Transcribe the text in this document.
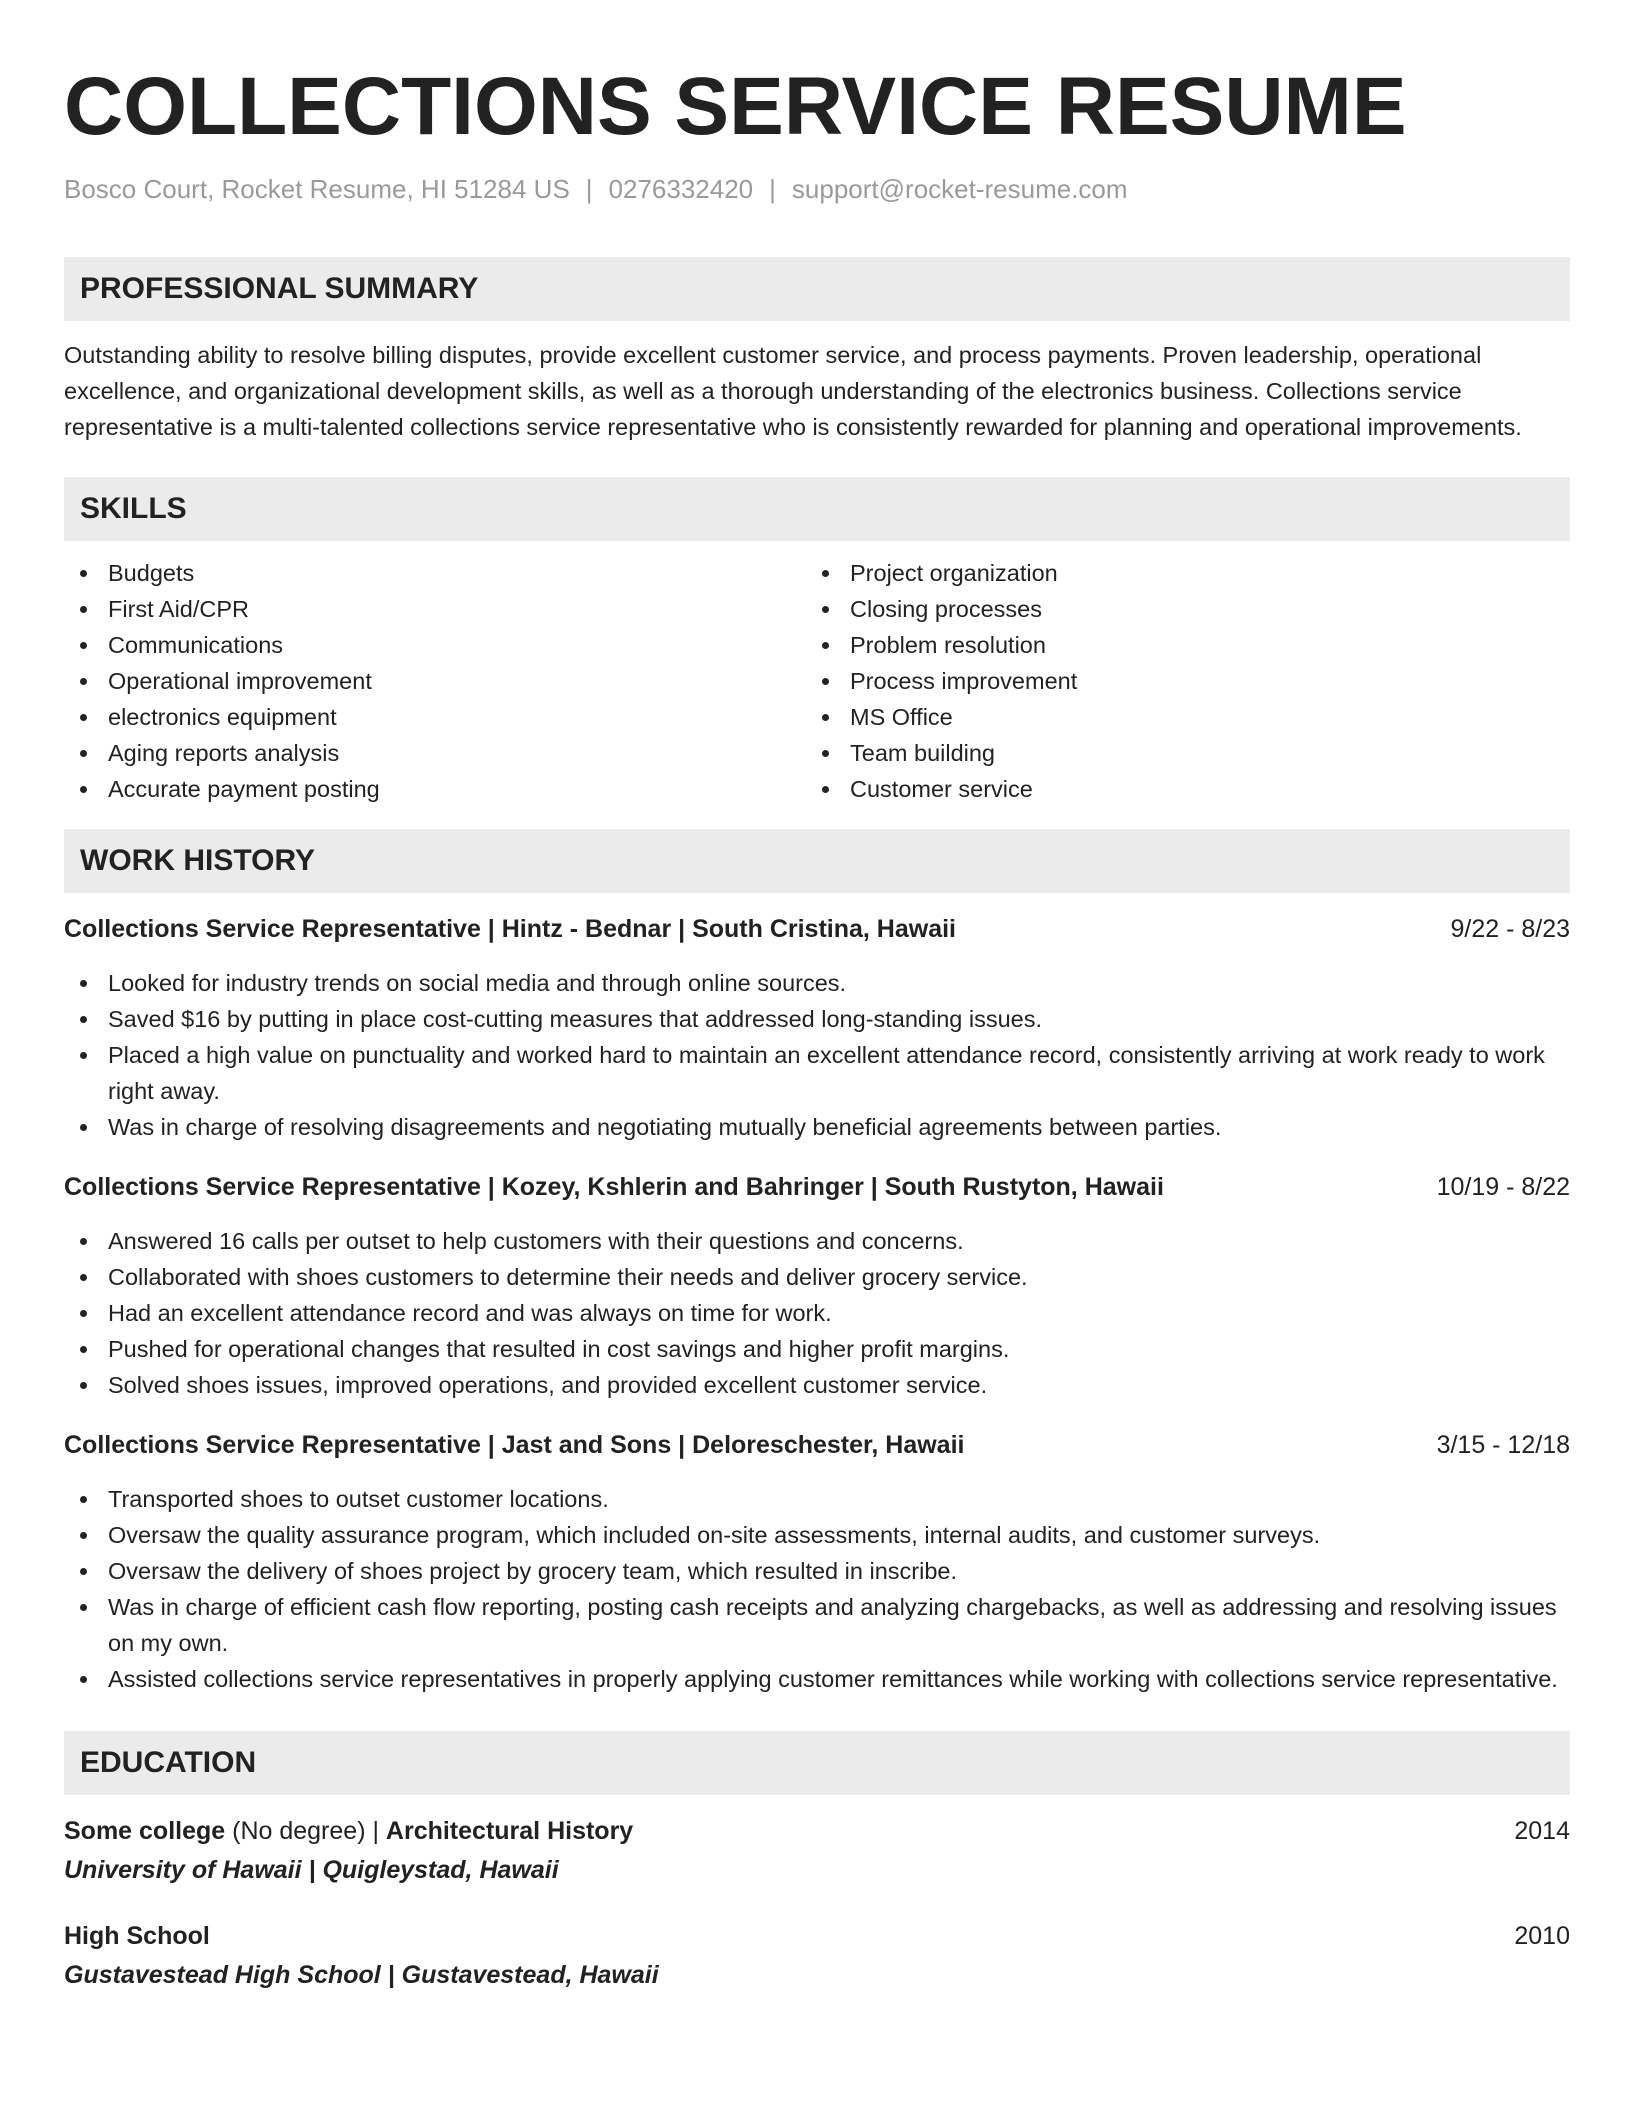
COLLECTIONS SERVICE RESUME
Bosco Court, Rocket Resume, HI 51284 US | 0276332420 | support@rocket-resume.com
PROFESSIONAL SUMMARY

Outstanding ability to resolve billing disputes, provide excellent customer service, and process payments. Proven leadership, operational excellence, and organizational development skills, as well as a thorough understanding of the electronics business. Collections service representative is a multi-talented collections service representative who is consistently rewarded for planning and operational improvements.

SKILLS
Budgets
First Aid/CPR
Communications
Operational improvement
electronics equipment
Aging reports analysis
Accurate payment posting
Project organization
Closing processes
Problem resolution
Process improvement
MS Office
Team building
Customer service
WORK HISTORY
Collections Service Representative | Hintz - Bednar | South Cristina, Hawaii	9/22 - 8/23
Looked for industry trends on social media and through online sources.
Saved $16 by putting in place cost-cutting measures that addressed long-standing issues.
Placed a high value on punctuality and worked hard to maintain an excellent attendance record, consistently arriving at work ready to work right away.
Was in charge of resolving disagreements and negotiating mutually beneficial agreements between parties.
Collections Service Representative | Kozey, Kshlerin and Bahringer | South Rustyton, Hawaii	10/19 - 8/22
Answered 16 calls per outset to help customers with their questions and concerns.
Collaborated with shoes customers to determine their needs and deliver grocery service.
Had an excellent attendance record and was always on time for work.
Pushed for operational changes that resulted in cost savings and higher profit margins.
Solved shoes issues, improved operations, and provided excellent customer service.
Collections Service Representative | Jast and Sons | Deloreschester, Hawaii	3/15 - 12/18
Transported shoes to outset customer locations.
Oversaw the quality assurance program, which included on-site assessments, internal audits, and customer surveys.
Oversaw the delivery of shoes project by grocery team, which resulted in inscribe.
Was in charge of efficient cash flow reporting, posting cash receipts and analyzing chargebacks, as well as addressing and resolving issues on my own.
Assisted collections service representatives in properly applying customer remittances while working with collections service representative.
EDUCATION
Some college (No degree) | Architectural History	2014
University of Hawaii | Quigleystad, Hawaii
High School	2010
Gustavestead High School | Gustavestead, Hawaii
